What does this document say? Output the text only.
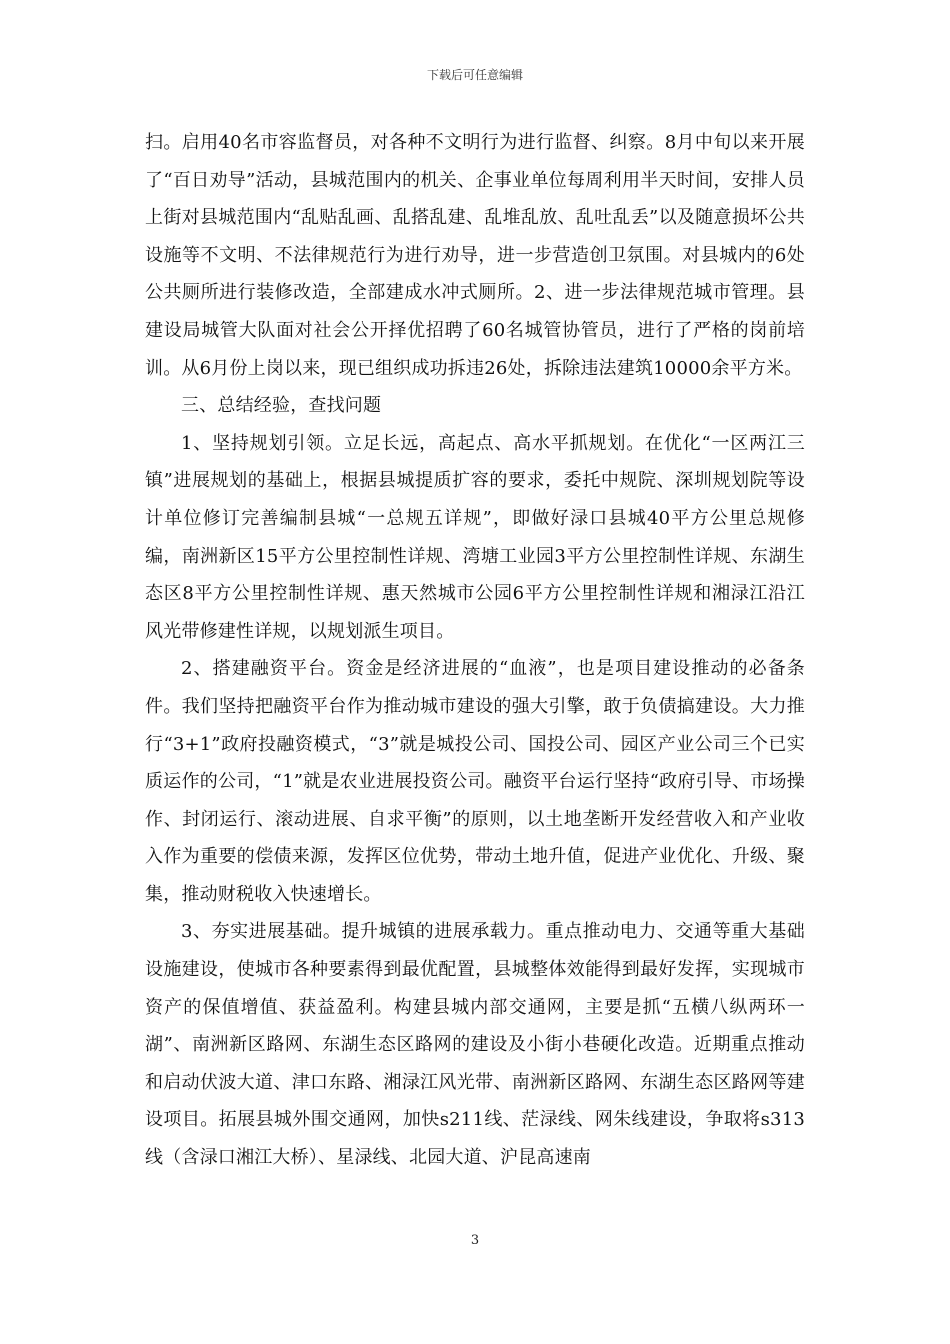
下载后可任意编辑

扫。启用40名市容监督员，对各种不文明行为进行监督、纠察。8月中旬以来开展了“百日劝导”活动，县城范围内的机关、企事业单位每周利用半天时间，安排人员上街对县城范围内“乱贴乱画、乱搭乱建、乱堆乱放、乱吐乱丢”以及随意损坏公共设施等不文明、不法律规范行为进行劝导，进一步营造创卫氛围。对县城内的6处公共厕所进行装修改造，全部建成水冲式厕所。2、进一步法律规范城市管理。县建设局城管大队面对社会公开择优招聘了60名城管协管员，进行了严格的岗前培训。从6月份上岗以来，现已组织成功拆违26处，拆除违法建筑10000余平方米。

三、总结经验，查找问题

1、坚持规划引领。立足长远，高起点、高水平抓规划。在优化“一区两江三镇”进展规划的基础上，根据县城提质扩容的要求，委托中规院、深圳规划院等设计单位修订完善编制县城“一总规五详规”，即做好渌口县城40平方公里总规修编，南洲新区15平方公里控制性详规、湾塘工业园3平方公里控制性详规、东湖生态区8平方公里控制性详规、惠天然城市公园6平方公里控制性详规和湘渌江沿江风光带修建性详规，以规划派生项目。

2、搭建融资平台。资金是经济进展的“血液”，也是项目建设推动的必备条件。我们坚持把融资平台作为推动城市建设的强大引擎，敢于负债搞建设。大力推行“3+1”政府投融资模式，“3”就是城投公司、国投公司、园区产业公司三个已实质运作的公司，“1”就是农业进展投资公司。融资平台运行坚持“政府引导、市场操作、封闭运行、滚动进展、自求平衡”的原则，以土地垄断开发经营收入和产业收入作为重要的偿债来源，发挥区位优势，带动土地升值，促进产业优化、升级、聚集，推动财税收入快速增长。

3、夯实进展基础。提升城镇的进展承载力。重点推动电力、交通等重大基础设施建设，使城市各种要素得到最优配置，县城整体效能得到最好发挥，实现城市资产的保值增值、获益盈利。构建县城内部交通网，主要是抓“五横八纵两环一湖”、南洲新区路网、东湖生态区路网的建设及小街小巷硬化改造。近期重点推动和启动伏波大道、津口东路、湘渌江风光带、南洲新区路网、东湖生态区路网等建设项目。拓展县城外围交通网，加快s211线、茫渌线、网朱线建设，争取将s313线（含渌口湘江大桥）、星渌线、北园大道、沪昆高速南

3
